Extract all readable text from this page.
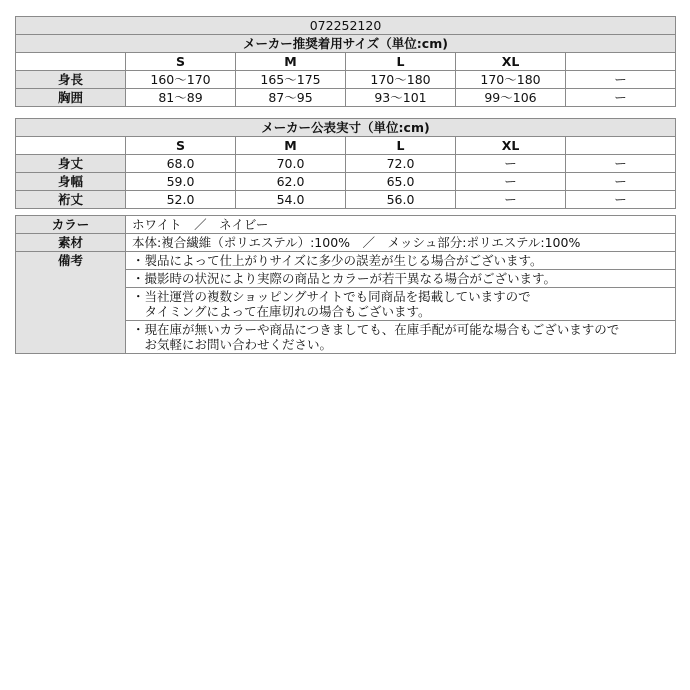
072252120					
メーカー推奨着用サイズ（単位:cm)					
	S	M	L	XL	
身長	160〜170	165〜175	170〜180	170〜180	ー
胸囲	81〜89	87〜95	93〜101	99〜106	ー
メーカー公表実寸（単位:cm)					
	S	M	L	XL	
身丈	68.0	70.0	72.0	ー	ー
身幅	59.0	62.0	65.0	ー	ー
裄丈	52.0	54.0	56.0	ー	ー
カラー	ホワイト　／　ネイビー
素材	本体:複合繊維（ポリエステル）:100%　／　メッシュ部分:ポリエステル:100%
備考	・製品によって仕上がりサイズに多少の誤差が生じる場合がございます。

	・撮影時の状況により実際の商品とカラーが若干異なる場合がございます。

	・当社運営の複数ショッピングサイトでも同商品を掲載していますので
　タイミングによって在庫切れの場合もございます。

	・現在庫が無いカラーや商品につきましても、在庫手配が可能な場合もございますので
　お気軽にお問い合わせください。
